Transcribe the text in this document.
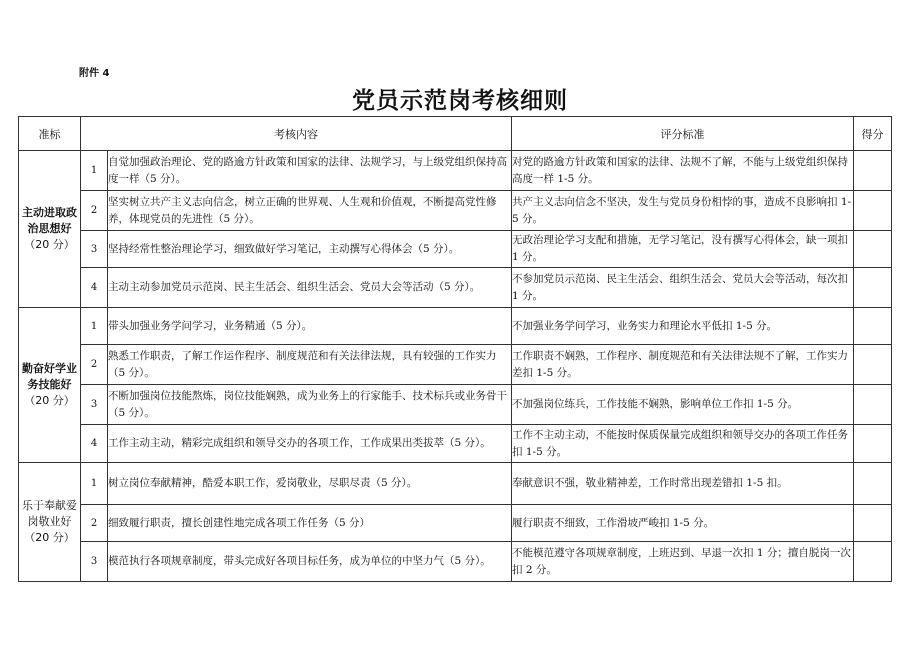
附件 4
党员示范岗考核细则
准标	考核内容		评分标准	得分

主动进取政治思想好
（20 分）	1	自觉加强政治理论、党的路逾方针政策和国家的法律、法规学习，与上级党组织保持高度一样（5 分）。	对党的路逾方针政策和国家的法律、法规不了解，不能与上级党组织保持高度一样 1-5 分。	
	2	坚实树立共产主义志向信念，树立正确的世界观、人生观和价值观，不断提高党性修养，体现党员的先进性（5 分）。	共产主义志向信念不坚决，发生与党员身份相悖的事，造成不良影响扣 1-5 分。	
	3	坚持经常性整治理论学习，细致做好学习笔记，主动撰写心得体会（5 分）。	无政治理论学习支配和措施，无学习笔记，没有撰写心得体会，缺一项扣 1 分。	
	4	主动主动参加党员示范岗、民主生活会、组织生活会、党员大会等活动（5 分）。	不参加党员示范岗、民主生活会、组织生活会、党员大会等活动，每次扣 1 分。	

勤奋好学业务技能好
（20 分）	1	带头加强业务学问学习，业务精通（5 分）。	不加强业务学问学习，业务实力和理论水平低扣 1-5 分。	
	2	熟悉工作职责，了解工作运作程序、制度规范和有关法律法规，具有较强的工作实力（5 分）。	工作职责不娴熟，工作程序、制度规范和有关法律法规不了解，工作实力差扣 1-5 分。	
	3	不断加强岗位技能熬炼，岗位技能娴熟，成为业务上的行家能手、技术标兵或业务骨干（5 分）。	不加强岗位练兵，工作技能不娴熟，影响单位工作扣 1-5 分。	
	4	工作主动主动，精彩完成组织和领导交办的各项工作，工作成果出类拔萃（5 分）。	工作不主动主动，不能按时保质保量完成组织和领导交办的各项工作任务扣 1-5 分。	

乐于奉献爱岗敬业好
（20 分）	1	树立岗位奉献精神，酷爱本职工作，爱岗敬业，尽职尽责（5 分）。	奉献意识不强，敬业精神差，工作时常出现差错扣 1-5 扣。	
	2	细致履行职责，擅长创建性地完成各项工作任务（5 分）	履行职责不细致，工作滑坡严峻扣 1-5 分。	
	3	模范执行各项规章制度，带头完成好各项目标任务，成为单位的中坚力气（5 分）。	不能模范遵守各项规章制度，上班迟到、早退一次扣 1 分；擅自脱岗一次扣 2 分。	
